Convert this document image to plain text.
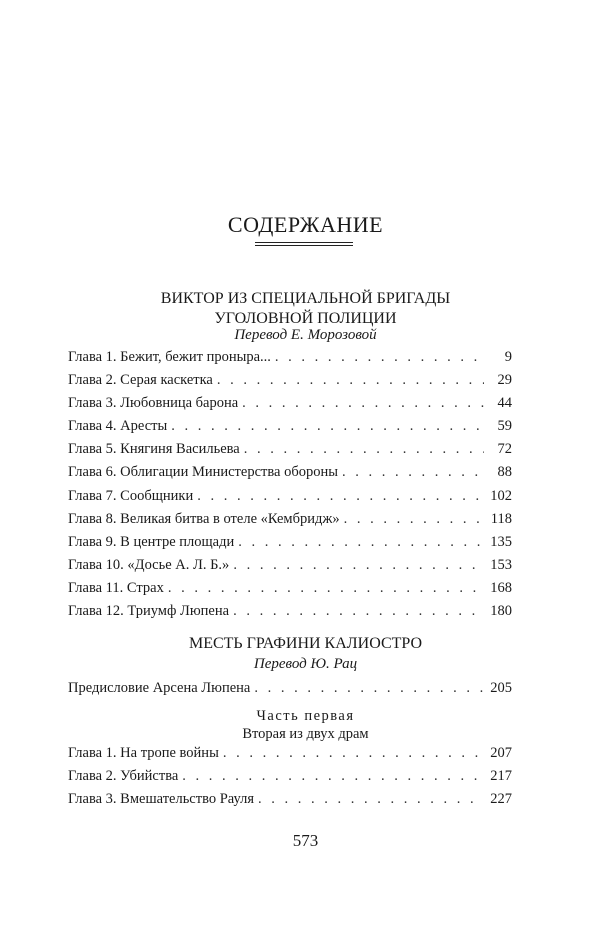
СОДЕРЖАНИЕ
ВИКТОР ИЗ СПЕЦИАЛЬНОЙ БРИГАДЫ
УГОЛОВНОЙ ПОЛИЦИИ
Перевод Е. Морозовой
Глава 1. Бежит, бежит пронырa... . . .	9
Глава 2. Серая каскетка . . .	29
Глава 3. Любовница барона . . .	44
Глава 4. Аресты . . .	59
Глава 5. Княгиня Васильева . . .	72
Глава 6. Облигации Министерства обороны . . .	88
Глава 7. Сообщники . . .	102
Глава 8. Великая битва в отеле «Кембридж» . . .	118
Глава 9. В центре площади . . .	135
Глава 10. «Досье А. Л. Б.» . . .	153
Глава 11. Страх . . .	168
Глава 12. Триумф Люпена . . .	180
МЕСТЬ ГРАФИНИ КАЛИОСТРО
Перевод Ю. Рац
Предисловие Арсена Люпена . . .	205
Часть первая
Вторая из двух драм
Глава 1. На тропе войны . . .	207
Глава 2. Убийства . . .	217
Глава 3. Вмешательство Рауля . . .	227
573
